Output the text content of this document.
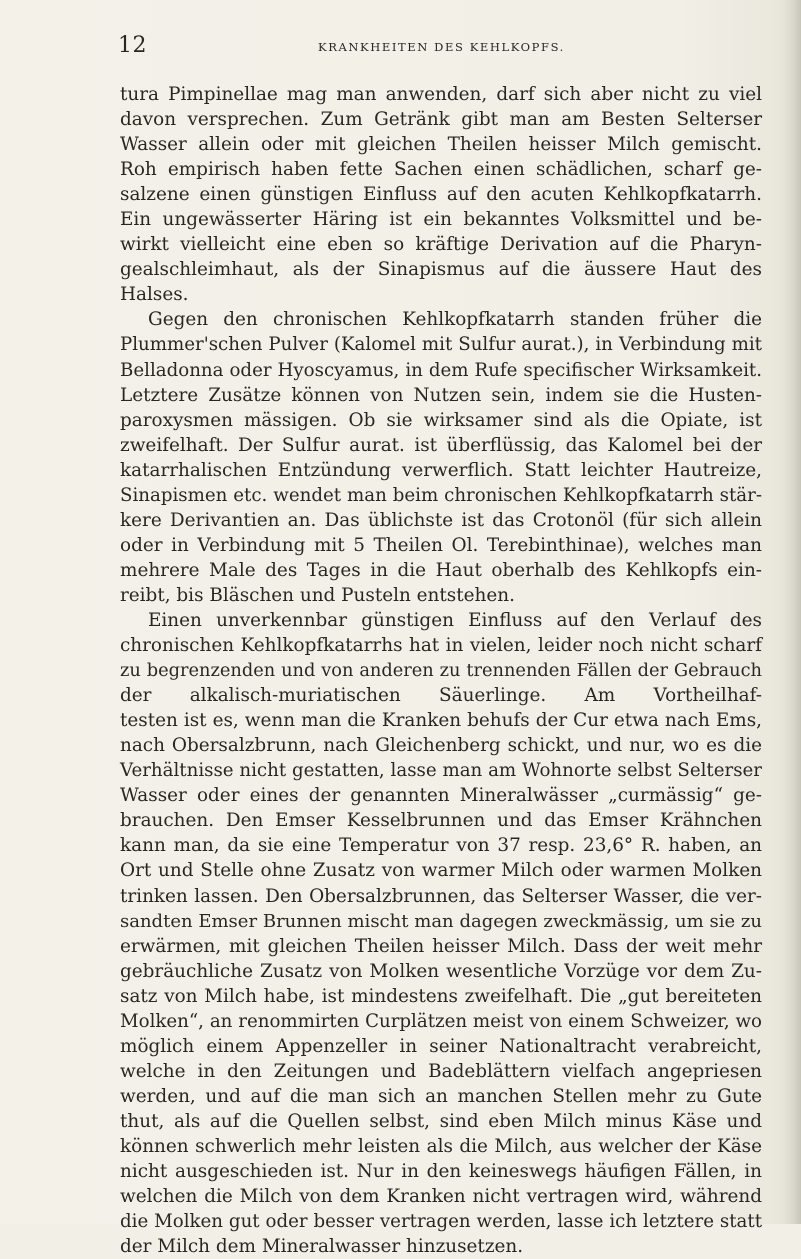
12	KRANKHEITEN DES KEHLKOPFS.
tura Pimpinellae mag man anwenden, darf sich aber nicht zu viel
davon versprechen. Zum Getränk gibt man am Besten Selterser
Wasser allein oder mit gleichen Theilen heisser Milch gemischt.
Roh empirisch haben fette Sachen einen schädlichen, scharf ge-
salzene einen günstigen Einfluss auf den acuten Kehlkopfkatarrh.
Ein ungewässerter Häring ist ein bekanntes Volksmittel und be-
wirkt vielleicht eine eben so kräftige Derivation auf die Pharyn-
gealschleimhaut, als der Sinapismus auf die äussere Haut des
Halses.
Gegen den chronischen Kehlkopfkatarrh standen früher die
Plummer'schen Pulver (Kalomel mit Sulfur aurat.), in Verbindung mit
Belladonna oder Hyoscyamus, in dem Rufe specifischer Wirksamkeit.
Letztere Zusätze können von Nutzen sein, indem sie die Husten-
paroxysmen mässigen. Ob sie wirksamer sind als die Opiate, ist
zweifelhaft. Der Sulfur aurat. ist überflüssig, das Kalomel bei der
katarrhalischen Entzündung verwerflich. Statt leichter Hautreize,
Sinapismen etc. wendet man beim chronischen Kehlkopfkatarrh stär-
kere Derivantien an. Das üblichste ist das Crotonöl (für sich allein
oder in Verbindung mit 5 Theilen Ol. Terebinthinae), welches man
mehrere Male des Tages in die Haut oberhalb des Kehlkopfs ein-
reibt, bis Bläschen und Pusteln entstehen.
Einen unverkennbar günstigen Einfluss auf den Verlauf des
chronischen Kehlkopfkatarrhs hat in vielen, leider noch nicht scharf
zu begrenzenden und von anderen zu trennenden Fällen der Gebrauch
der alkalisch-muriatischen Säuerlinge. Am Vortheilhaf-
testen ist es, wenn man die Kranken behufs der Cur etwa nach Ems,
nach Obersalzbrunn, nach Gleichenberg schickt, und nur, wo es die
Verhältnisse nicht gestatten, lasse man am Wohnorte selbst Selterser
Wasser oder eines der genannten Mineralwässer „curmässig“ ge-
brauchen. Den Emser Kesselbrunnen und das Emser Krähnchen
kann man, da sie eine Temperatur von 37 resp. 23,6° R. haben, an
Ort und Stelle ohne Zusatz von warmer Milch oder warmen Molken
trinken lassen. Den Obersalzbrunnen, das Selterser Wasser, die ver-
sandten Emser Brunnen mischt man dagegen zweckmässig, um sie zu
erwärmen, mit gleichen Theilen heisser Milch. Dass der weit mehr
gebräuchliche Zusatz von Molken wesentliche Vorzüge vor dem Zu-
satz von Milch habe, ist mindestens zweifelhaft. Die „gut bereiteten
Molken“, an renommirten Curplätzen meist von einem Schweizer, wo
möglich einem Appenzeller in seiner Nationaltracht verabreicht,
welche in den Zeitungen und Badeblättern vielfach angepriesen
werden, und auf die man sich an manchen Stellen mehr zu Gute
thut, als auf die Quellen selbst, sind eben Milch minus Käse und
können schwerlich mehr leisten als die Milch, aus welcher der Käse
nicht ausgeschieden ist. Nur in den keineswegs häufigen Fällen, in
welchen die Milch von dem Kranken nicht vertragen wird, während
die Molken gut oder besser vertragen werden, lasse ich letztere statt
der Milch dem Mineralwasser hinzusetzen.
